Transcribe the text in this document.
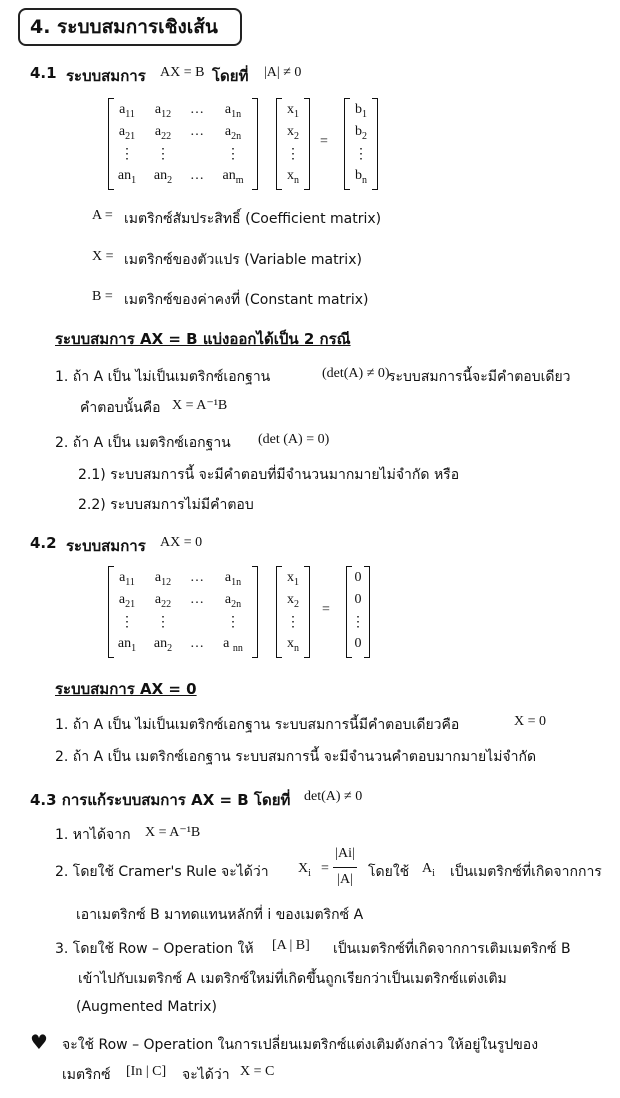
4. ระบบสมการเชิงเส้น
4.1 ระบบสมการ AX = B โดยที่ |A| ≠ 0
$a_{11}$	$a_{12}$	…	$a_{1n}$
$a_{21}$	$a_{22}$	…	$a_{2n}$
⋮	⋮	⋮
$an_1$	$an_2$	…	$an_m$
$x_1$
$x_2$
⋮
$x_n$
=
$b_1$
$b_2$
⋮
$b_n$
A = เมตริกซ์สัมประสิทธิ์ (Coefficient matrix)
X = เมตริกซ์ของตัวแปร (Variable matrix)
B = เมตริกซ์ของค่าคงที่ (Constant matrix)
ระบบสมการ AX = B แบ่งออกได้เป็น 2 กรณี
1. ถ้า A เป็น ไม่เป็นเมตริกซ์เอกฐาน	(det(A) ≠ 0)
ระบบสมการนี้จะมีคำตอบเดียว
คำตอบนั้นคือ X = A⁻¹B
2. ถ้า A เป็น เมตริกซ์เอกฐาน (det (A) = 0)
2.1) ระบบสมการนี้ จะมีคำตอบที่มีจำนวนมากมายไม่จำกัด หรือ
2.2) ระบบสมการไม่มีคำตอบ
4.2 ระบบสมการ AX = 0
$a_{11}$	$a_{12}$	…	$a_{1n}$
$a_{21}$	$a_{22}$	…	$a_{2n}$
⋮	⋮	⋮
$an_1$	$an_2$	…	a $_{nn}$
$x_1$
$x_2$
⋮
$x_n$
=
0
0
⋮
0
ระบบสมการ AX = 0
1. ถ้า A เป็น ไม่เป็นเมตริกซ์เอกฐาน ระบบสมการนี้มีคำตอบเดียวคือ	X = 0
2. ถ้า A เป็น เมตริกซ์เอกฐาน ระบบสมการนี้ จะมีจำนวนคำตอบมากมายไม่จำกัด
4.3 การแก้ระบบสมการ AX = B โดยที่ det(A) ≠ 0
1. หาได้จาก X = A⁻¹B
2. โดยใช้ Cramer's Rule จะได้ว่า $X_i$ =
|Ai|
|A| โดยใช้ $A_i$ เป็นเมตริกซ์ที่เกิดจากการ
เอาเมตริกซ์ B มาทดแทนหลักที่ i ของเมตริกซ์ A
3. โดยใช้ Row – Operation ให้ [A | B] เป็นเมตริกซ์ที่เกิดจากการเติมเมตริกซ์ B
เข้าไปกับเมตริกซ์ A เมตริกซ์ใหม่ที่เกิดขึ้นถูกเรียกว่าเป็นเมตริกซ์แต่งเติม
(Augmented Matrix)
♥ จะใช้ Row – Operation ในการเปลี่ยนเมตริกซ์แต่งเติมดังกล่าว ให้อยู่ในรูปของ
เมตริกซ์ [In | C] จะได้ว่า X = C
